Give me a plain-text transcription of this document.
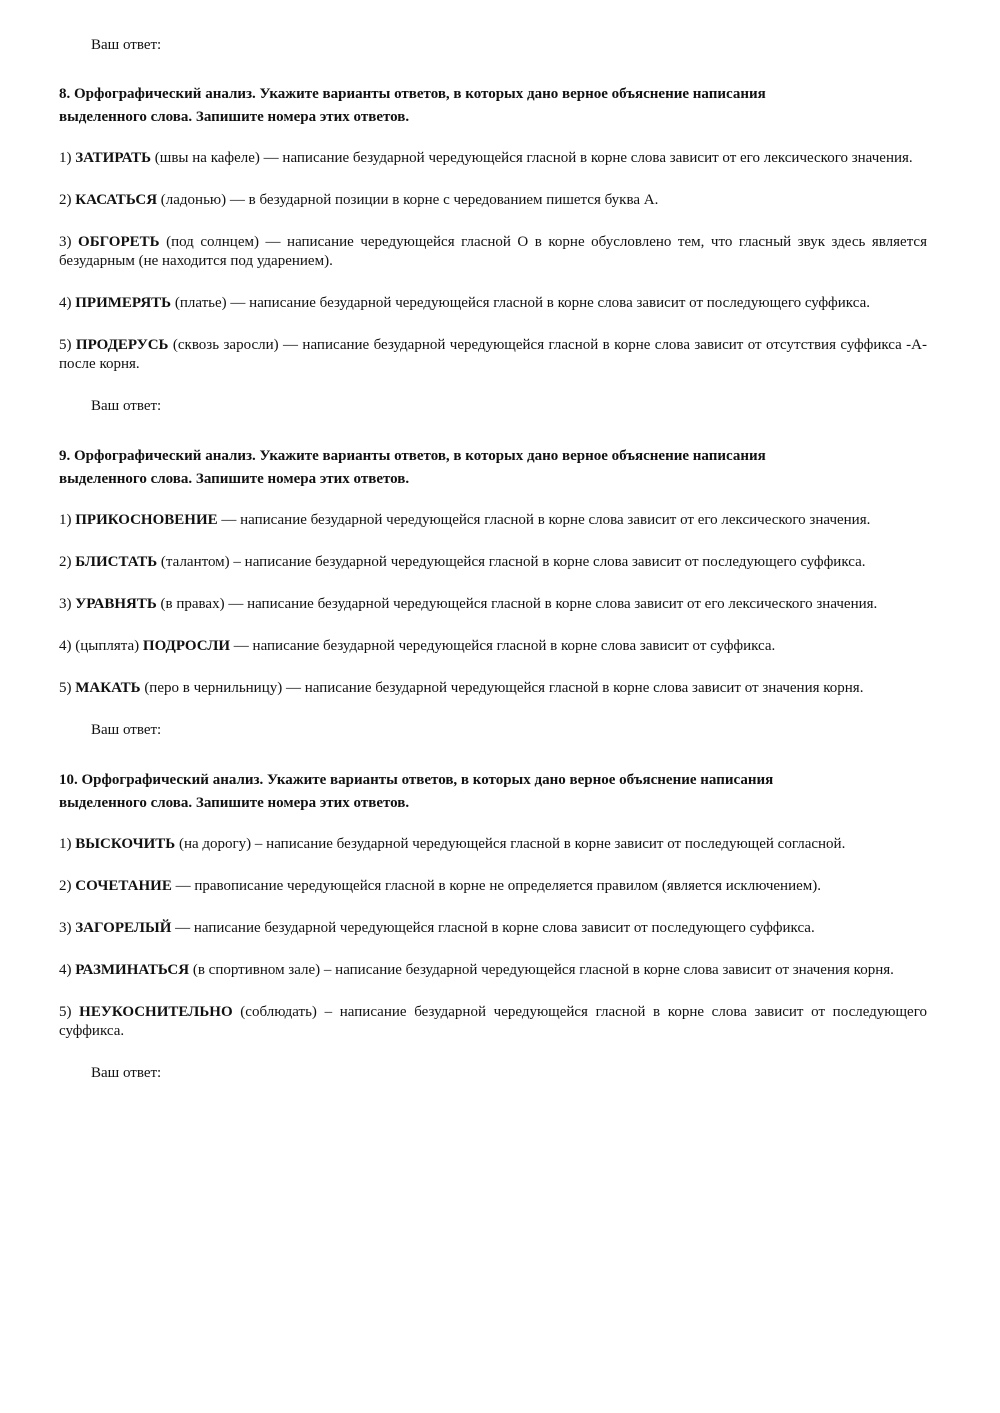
Ваш ответ:
8. Орфографический анализ. Укажите варианты ответов, в которых дано верное объяснение написания
выделенного слова. Запишите номера этих ответов.
1) ЗАТИРАТЬ (швы на кафеле) — написание безударной чередующейся гласной в корне слова зависит от его лексического значения.
2) КАСАТЬСЯ (ладонью) — в безударной позиции в корне с чередованием пишется буква А.
3) ОБГОРЕТЬ (под солнцем) — написание чередующейся гласной О в корне обусловлено тем, что гласный звук здесь является безударным (не находится под ударением).
4) ПРИМЕРЯТЬ (платье) — написание безударной чередующейся гласной в корне слова зависит от последующего суффикса.
5) ПРОДЕРУСЬ (сквозь заросли) — написание безударной чередующейся гласной в корне слова зависит от отсутствия суффикса -А- после корня.
Ваш ответ:
9. Орфографический анализ. Укажите варианты ответов, в которых дано верное объяснение написания
выделенного слова. Запишите номера этих ответов.
1) ПРИКОСНОВЕНИЕ — написание безударной чередующейся гласной в корне слова зависит от его лексического значения.
2) БЛИСТАТЬ (талантом) – написание безударной чередующейся гласной в корне слова зависит от последующего суффикса.
3) УРАВНЯТЬ (в правах) — написание безударной чередующейся гласной в корне слова зависит от его лексического значения.
4) (цыплята) ПОДРОСЛИ — написание безударной чередующейся гласной в корне слова зависит от суффикса.
5) МАКАТЬ (перо в чернильницу) — написание безударной чередующейся гласной в корне слова зависит от значения корня.
Ваш ответ:
10. Орфографический анализ. Укажите варианты ответов, в которых дано верное объяснение написания
выделенного слова. Запишите номера этих ответов.
1) ВЫСКОЧИТЬ (на дорогу) – написание безударной чередующейся гласной в корне зависит от последующей согласной.
2) СОЧЕТАНИЕ — правописание чередующейся гласной в корне не определяется правилом (является исключением).
3) ЗАГОРЕЛЫЙ — написание безударной чередующейся гласной в корне слова зависит от последующего суффикса.
4) РАЗМИНАТЬСЯ (в спортивном зале) – написание безударной чередующейся гласной в корне слова зависит от значения корня.
5) НЕУКОСНИТЕЛЬНО (соблюдать) – написание безударной чередующейся гласной в корне слова зависит от последующего суффикса.
Ваш ответ:
